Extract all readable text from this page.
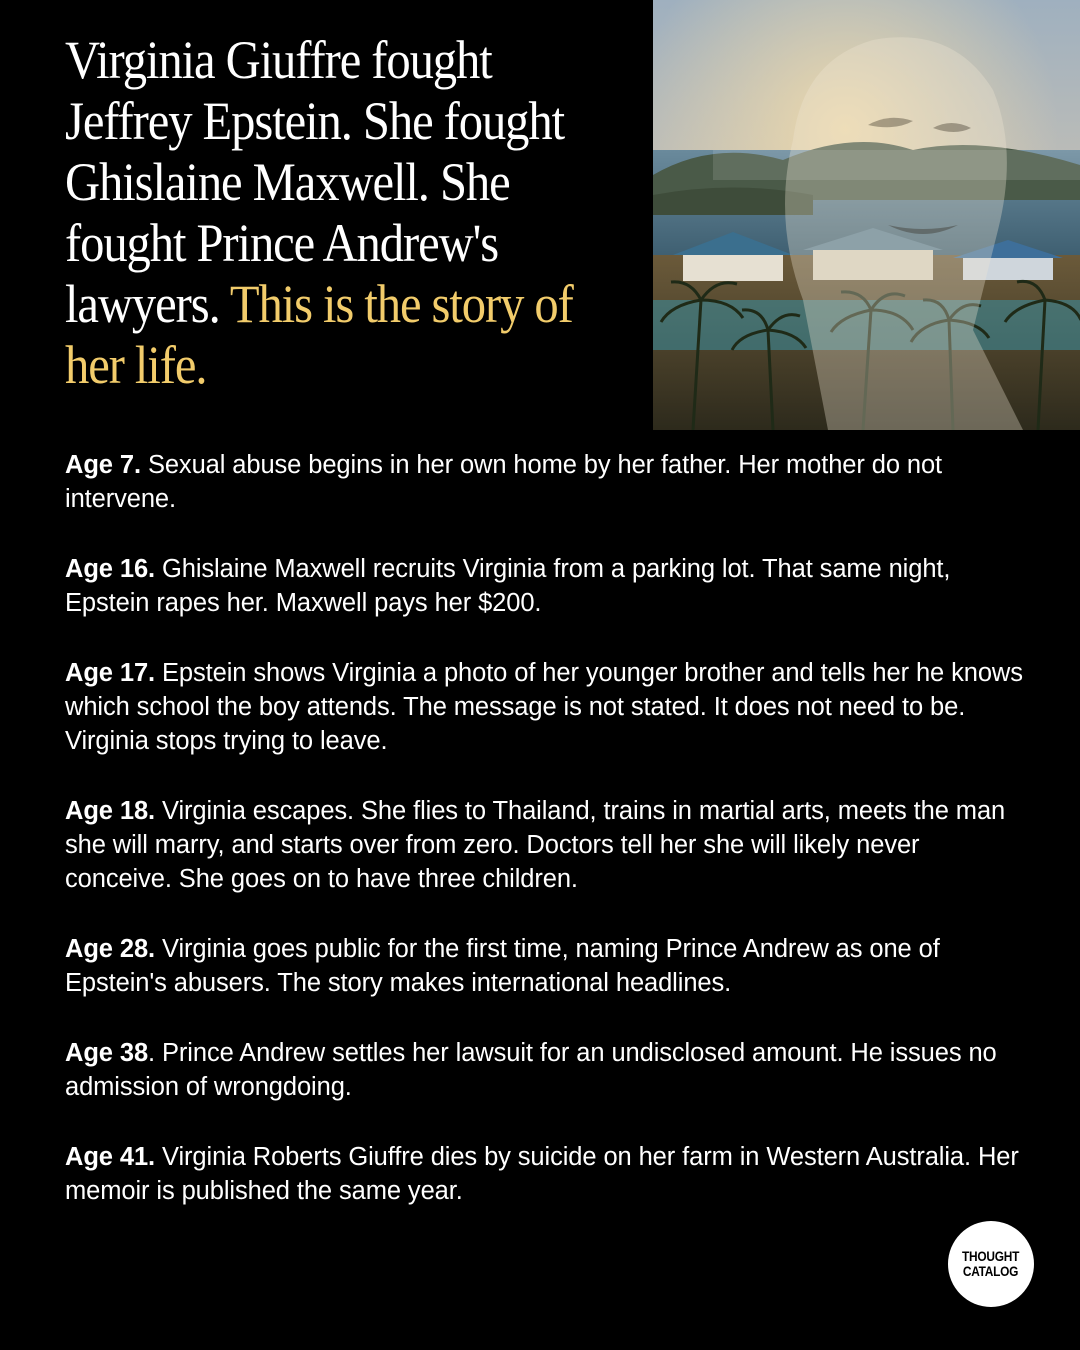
Virginia Giuffre fought Jeffrey Epstein. She fought Ghislaine Maxwell. She fought Prince Andrew's lawyers. This is the story of her life.

Age 7. Sexual abuse begins in her own home by her father. Her mother do not intervene.

Age 16. Ghislaine Maxwell recruits Virginia from a parking lot. That same night, Epstein rapes her. Maxwell pays her $200.

Age 17. Epstein shows Virginia a photo of her younger brother and tells her he knows which school the boy attends. The message is not stated. It does not need to be. Virginia stops trying to leave.

Age 18. Virginia escapes. She flies to Thailand, trains in martial arts, meets the man she will marry, and starts over from zero. Doctors tell her she will likely never conceive. She goes on to have three children.

Age 28. Virginia goes public for the first time, naming Prince Andrew as one of Epstein's abusers. The story makes international headlines.

Age 38. Prince Andrew settles her lawsuit for an undisclosed amount. He issues no admission of wrongdoing.

Age 41. Virginia Roberts Giuffre dies by suicide on her farm in Western Australia. Her memoir is published the same year.

THOUGHT
CATALOG
